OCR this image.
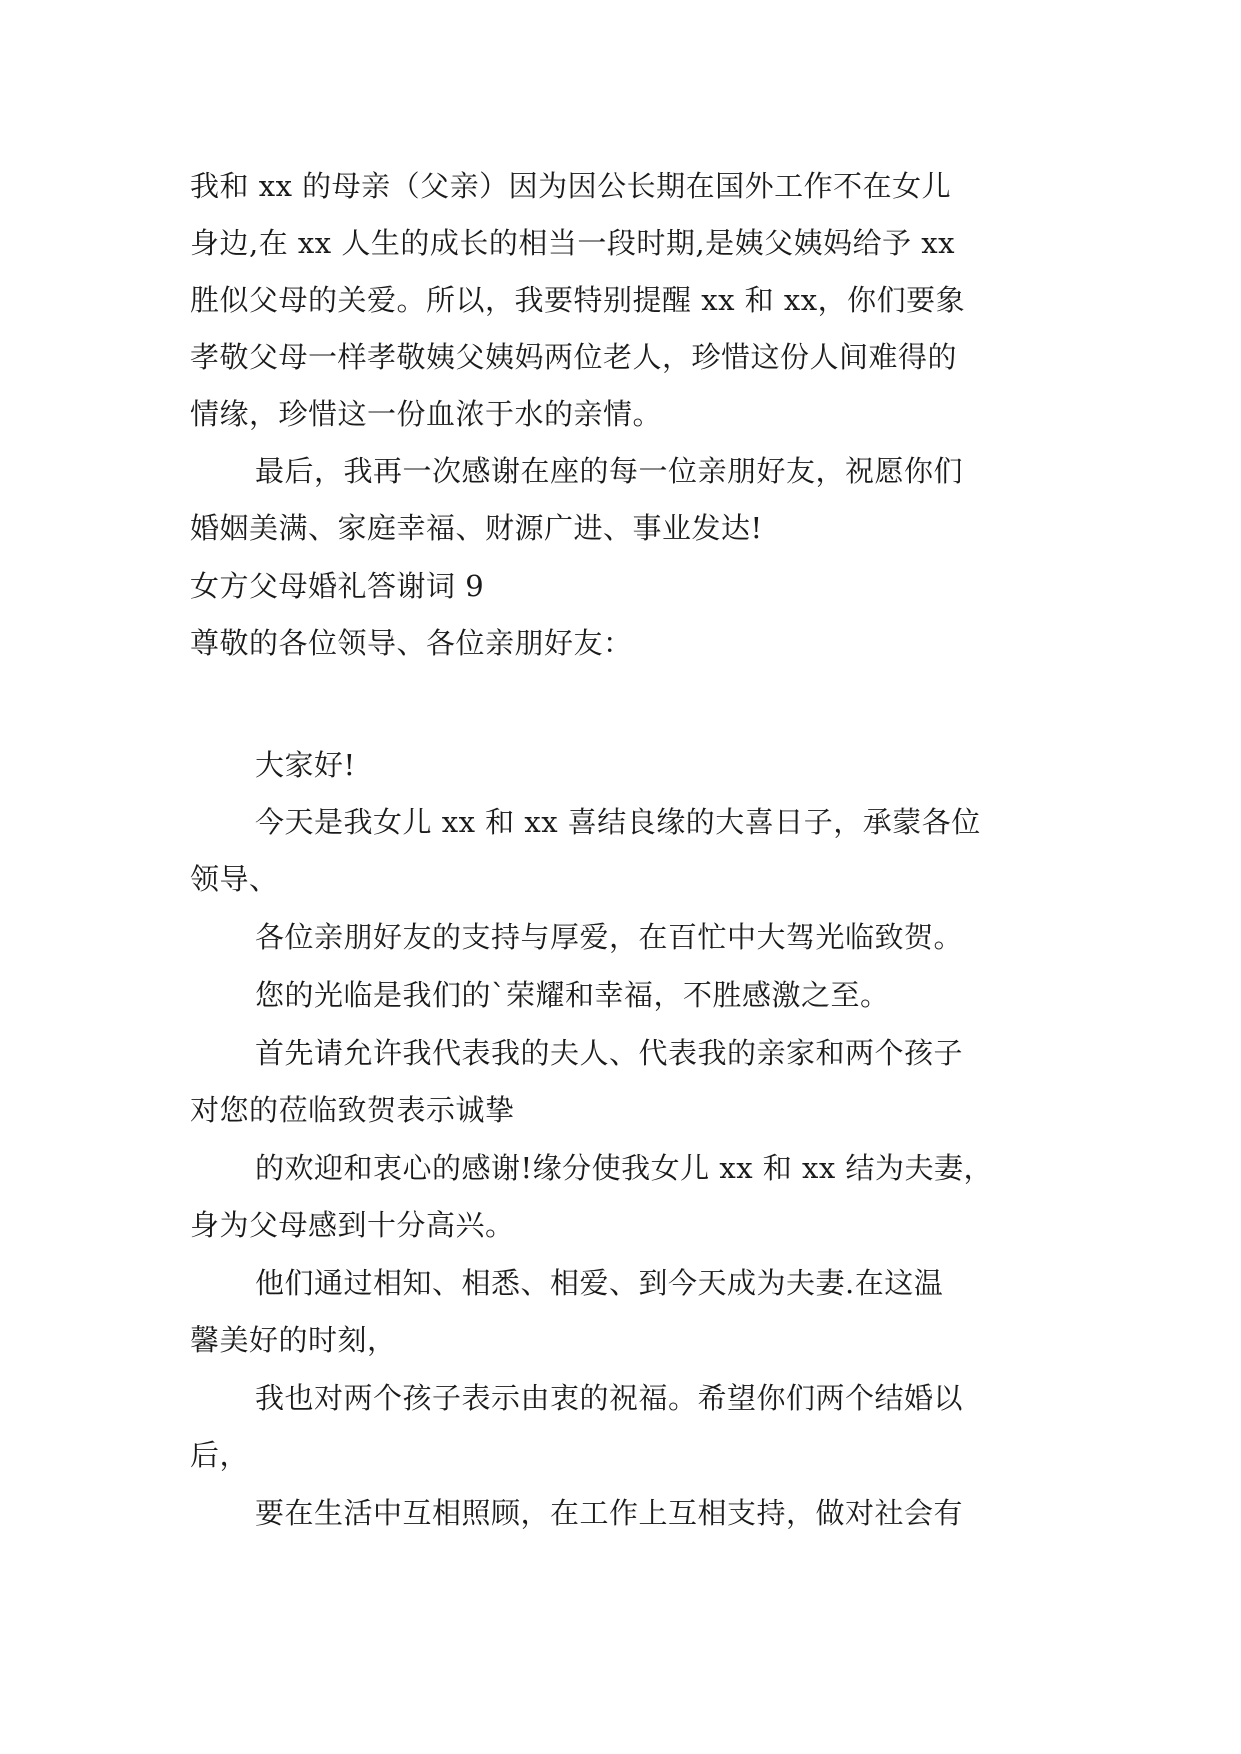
我和 xx 的母亲（父亲）因为因公长期在国外工作不在女儿
身边,在 xx 人生的成长的相当一段时期,是姨父姨妈给予 xx
胜似父母的关爱。所以，我要特别提醒 xx 和 xx，你们要象
孝敬父母一样孝敬姨父姨妈两位老人，珍惜这份人间难得的
情缘，珍惜这一份血浓于水的亲情。
最后，我再一次感谢在座的每一位亲朋好友，祝愿你们
婚姻美满、家庭幸福、财源广进、事业发达!
女方父母婚礼答谢词 9
尊敬的各位领导、各位亲朋好友：
大家好!
今天是我女儿 xx 和 xx 喜结良缘的大喜日子，承蒙各位
领导、
各位亲朋好友的支持与厚爱，在百忙中大驾光临致贺。
您的光临是我们的`荣耀和幸福，不胜感激之至。
首先请允许我代表我的夫人、代表我的亲家和两个孩子
对您的莅临致贺表示诚挚
的欢迎和衷心的感谢!缘分使我女儿 xx 和 xx 结为夫妻，
身为父母感到十分高兴。
他们通过相知、相悉、相爱、到今天成为夫妻.在这温
馨美好的时刻，
我也对两个孩子表示由衷的祝福。希望你们两个结婚以
后，
要在生活中互相照顾，在工作上互相支持，做对社会有
